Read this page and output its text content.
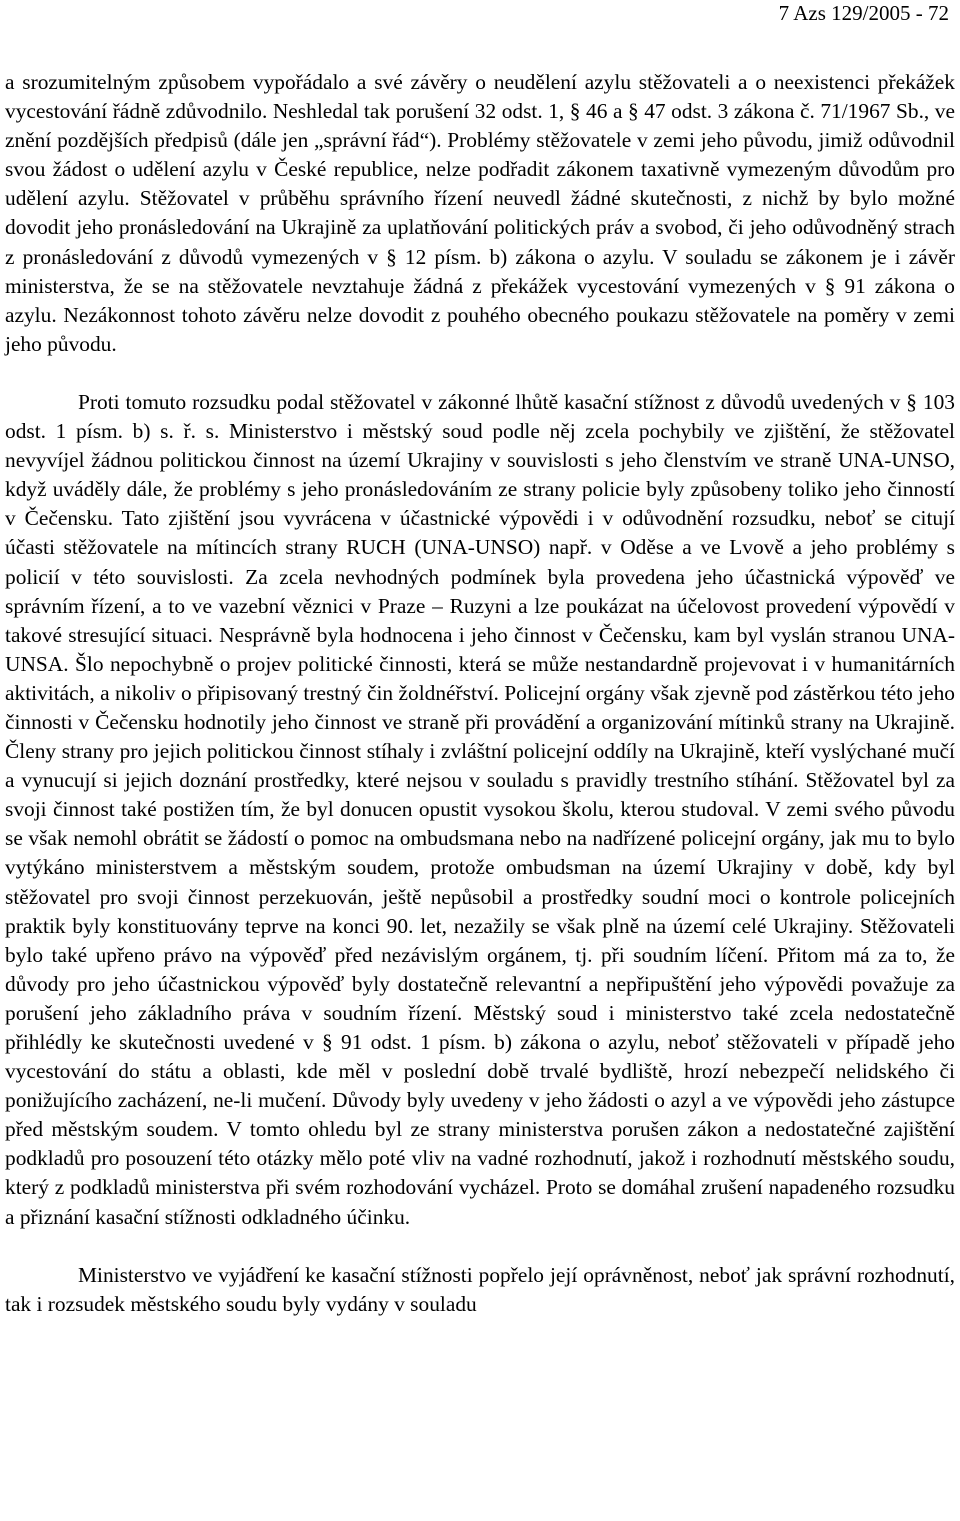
7 Azs 129/2005 - 72

a srozumitelným způsobem vypořádalo a své závěry o neudělení azylu stěžovateli a o neexistenci překážek vycestování řádně zdůvodnilo. Neshledal tak porušení 32 odst. 1, § 46 a § 47 odst. 3 zákona č. 71/1967 Sb., ve znění pozdějších předpisů (dále jen „správní řád“). Problémy stěžovatele v zemi jeho původu, jimiž odůvodnil svou žádost o udělení azylu v České republice, nelze podřadit zákonem taxativně vymezeným důvodům pro udělení azylu. Stěžovatel v průběhu správního řízení neuvedl žádné skutečnosti, z nichž by bylo možné dovodit jeho pronásledování na Ukrajině za uplatňování politických práv a svobod, či jeho odůvodněný strach z pronásledování z důvodů vymezených v § 12 písm. b) zákona o azylu. V souladu se zákonem je i závěr ministerstva, že se na stěžovatele nevztahuje žádná z překážek vycestování vymezených v § 91 zákona o azylu. Nezákonnost tohoto závěru nelze dovodit z pouhého obecného poukazu stěžovatele na poměry v zemi jeho původu.

Proti tomuto rozsudku podal stěžovatel v zákonné lhůtě kasační stížnost z důvodů uvedených v § 103 odst. 1 písm. b) s. ř. s. Ministerstvo i městský soud podle něj zcela pochybily ve zjištění, že stěžovatel nevyvíjel žádnou politickou činnost na území Ukrajiny v souvislosti s jeho členstvím ve straně UNA-UNSO, když uváděly dále, že problémy s jeho pronásledováním ze strany policie byly způsobeny toliko jeho činností v Čečensku. Tato zjištění jsou vyvrácena v účastnické výpovědi i v odůvodnění rozsudku, neboť se citují účasti stěžovatele na mítincích strany RUCH (UNA-UNSO) např. v Oděse a ve Lvově a jeho problémy s policií v této souvislosti. Za zcela nevhodných podmínek byla provedena jeho účastnická výpověď ve správním řízení, a to ve vazební věznici v Praze – Ruzyni a lze poukázat na účelovost provedení výpovědí v takové stresující situaci. Nesprávně byla hodnocena i jeho činnost v Čečensku, kam byl vyslán stranou UNA-UNSA. Šlo nepochybně o projev politické činnosti, která se může nestandardně projevovat i v humanitárních aktivitách, a nikoliv o připisovaný trestný čin žoldnéřství. Policejní orgány však zjevně pod zástěrkou této jeho činnosti v Čečensku hodnotily jeho činnost ve straně při provádění a organizování mítinků strany na Ukrajině. Členy strany pro jejich politickou činnost stíhaly i zvláštní policejní oddíly na Ukrajině, kteří vyslýchané mučí a vynucují si jejich doznání prostředky, které nejsou v souladu s pravidly trestního stíhání. Stěžovatel byl za svoji činnost také postižen tím, že byl donucen opustit vysokou školu, kterou studoval. V zemi svého původu se však nemohl obrátit se žádostí o pomoc na ombudsmana nebo na nadřízené policejní orgány, jak mu to bylo vytýkáno ministerstvem a městským soudem, protože ombudsman na území Ukrajiny v době, kdy byl stěžovatel pro svoji činnost perzekuován, ještě nepůsobil a prostředky soudní moci o kontrole policejních praktik byly konstituovány teprve na konci 90. let, nezažily se však plně na území celé Ukrajiny. Stěžovateli bylo také upřeno právo na výpověď před nezávislým orgánem, tj. při soudním líčení. Přitom má za to, že důvody pro jeho účastnickou výpověď byly dostatečně relevantní a nepřipuštění jeho výpovědi považuje za porušení jeho základního práva v soudním řízení. Městský soud i ministerstvo také zcela nedostatečně přihlédly ke skutečnosti uvedené v § 91 odst. 1 písm. b) zákona o azylu, neboť stěžovateli v případě jeho vycestování do státu a oblasti, kde měl v poslední době trvalé bydliště, hrozí nebezpečí nelidského či ponižujícího zacházení, ne-li mučení. Důvody byly uvedeny v jeho žádosti o azyl a ve výpovědi jeho zástupce před městským soudem. V tomto ohledu byl ze strany ministerstva porušen zákon a nedostatečné zajištění podkladů pro posouzení této otázky mělo poté vliv na vadné rozhodnutí, jakož i rozhodnutí městského soudu, který z podkladů ministerstva při svém rozhodování vycházel. Proto se domáhal zrušení napadeného rozsudku a přiznání kasační stížnosti odkladného účinku.

Ministerstvo ve vyjádření ke kasační stížnosti popřelo její oprávněnost, neboť jak správní rozhodnutí, tak i rozsudek městského soudu byly vydány v souladu
